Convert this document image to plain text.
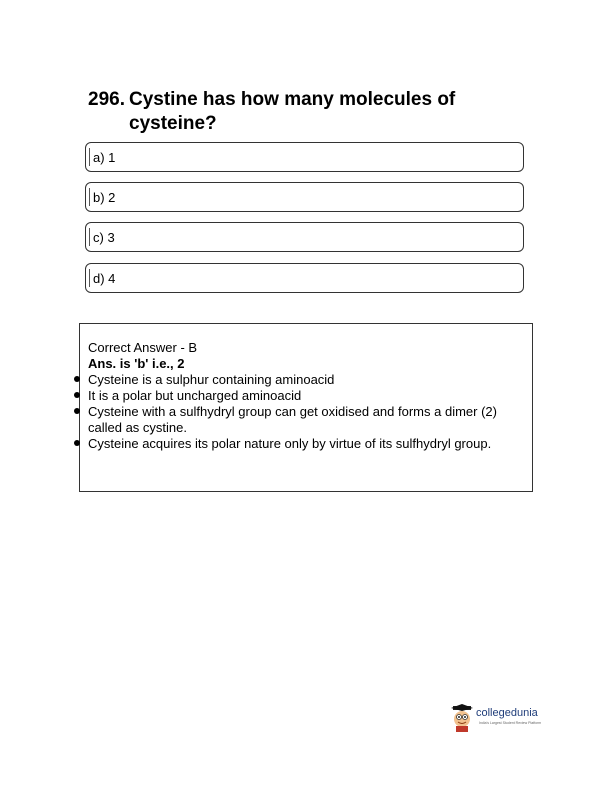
296. Cystine has how many molecules of cysteine?
a) 1
b) 2
c) 3
d) 4
Correct Answer - B
Ans. is 'b' i.e., 2
Cysteine is a sulphur containing aminoacid
It is a polar but uncharged aminoacid
Cysteine with a sulfhydryl group can get oxidised and forms a dimer (2) called as cystine.
Cysteine acquires its polar nature only by virtue of its sulfhydryl group.
collegedunia
India's Largest Student Review Platform
